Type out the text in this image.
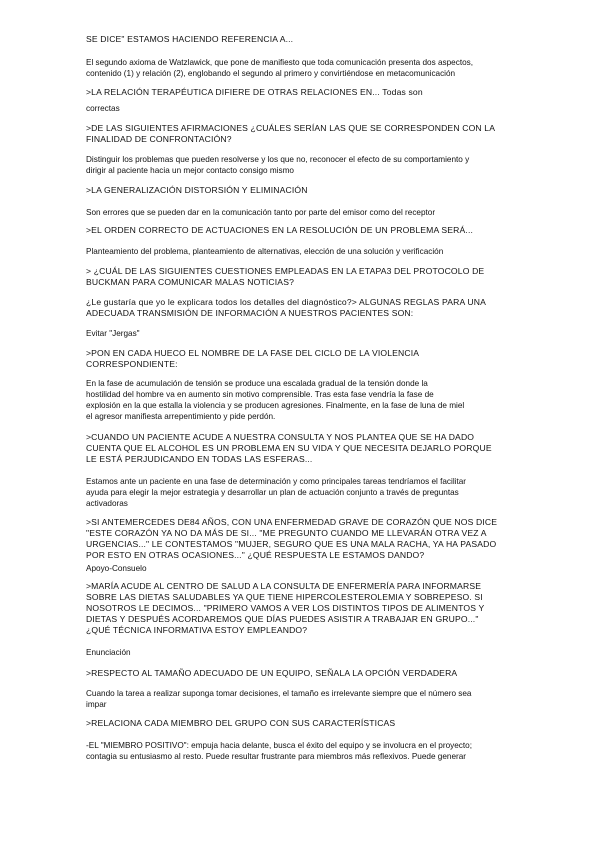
SE DICE" ESTAMOS HACIENDO REFERENCIA A...

El segundo axioma de Watzlawick, que pone de manifiesto que toda comunicación presenta dos aspectos,
contenido (1) y relación (2), englobando el segundo al primero y convirtiéndose en metacomunicación

>LA RELACIÓN TERAPÉUTICA DIFIERE DE OTRAS RELACIONES EN... Todas son

correctas

>DE LAS SIGUIENTES AFIRMACIONES ¿CUÁLES SERÍAN LAS QUE SE CORRESPONDEN CON LA
FINALIDAD DE CONFRONTACIÓN?

Distinguir los problemas que pueden resolverse y los que no, reconocer el efecto de su comportamiento y
dirigir al paciente hacia un mejor contacto consigo mismo

>LA GENERALIZACIÓN DISTORSIÓN Y ELIMINACIÓN

Son errores que se pueden dar en la comunicación tanto por parte del emisor como del receptor

>EL ORDEN CORRECTO DE ACTUACIONES EN LA RESOLUCIÓN DE UN PROBLEMA SERÁ...

Planteamiento del problema, planteamiento de alternativas, elección de una solución y verificación

> ¿CUÁL DE LAS SIGUIENTES CUESTIONES EMPLEADAS EN LA ETAPA3 DEL PROTOCOLO DE
BUCKMAN PARA COMUNICAR MALAS NOTICIAS?

¿Le gustaría que yo le explicara todos los detalles del diagnóstico?> ALGUNAS REGLAS PARA UNA
ADECUADA TRANSMISIÓN DE INFORMACIÓN A NUESTROS PACIENTES SON:

Evitar "Jergas"

>PON EN CADA HUECO EL NOMBRE DE LA FASE DEL CICLO DE LA VIOLENCIA
CORRESPONDIENTE:

En la fase de acumulación de tensión se produce una escalada gradual de la tensión donde la
hostilidad del hombre va en aumento sin motivo comprensible. Tras esta fase vendría la fase de
explosión en la que estalla la violencia y se producen agresiones. Finalmente, en la fase de luna de miel
el agresor manifiesta arrepentimiento y pide perdón.

>CUANDO UN PACIENTE ACUDE A NUESTRA CONSULTA Y NOS PLANTEA QUE SE HA DADO
CUENTA QUE EL ALCOHOL ES UN PROBLEMA EN SU VIDA Y QUE NECESITA DEJARLO PORQUE
LE ESTÁ PERJUDICANDO EN TODAS LAS ESFERAS...

Estamos ante un paciente en una fase de determinación y como principales tareas tendríamos el facilitar
ayuda para elegir la mejor estrategia y desarrollar un plan de actuación conjunto a través de preguntas
activadoras

>SI ANTEMERCEDES DE84 AÑOS, CON UNA ENFERMEDAD GRAVE DE CORAZÓN QUE NOS DICE
"ESTE CORAZÓN YA NO DA MÁS DE SI... "ME PREGUNTO CUANDO ME LLEVARÁN OTRA VEZ A
URGENCIAS..." LE CONTESTAMOS "MUJER, SEGURO QUE ES UNA MALA RACHA, YA HA PASADO
POR ESTO EN OTRAS OCASIONES..." ¿QUÉ RESPUESTA LE ESTAMOS DANDO?

Apoyo-Consuelo

>MARÍA ACUDE AL CENTRO DE SALUD A LA CONSULTA DE ENFERMERÍA PARA INFORMARSE
SOBRE LAS DIETAS SALUDABLES YA QUE TIENE HIPERCOLESTEROLEMIA Y SOBREPESO. SI
NOSOTROS LE DECIMOS... "PRIMERO VAMOS A VER LOS DISTINTOS TIPOS DE ALIMENTOS Y
DIETAS Y DESPUÉS ACORDAREMOS QUE DÍAS PUEDES ASISTIR A TRABAJAR EN GRUPO..."
¿QUÉ TÉCNICA INFORMATIVA ESTOY EMPLEANDO?

Enunciación

>RESPECTO AL TAMAÑO ADECUADO DE UN EQUIPO, SEÑALA LA OPCIÓN VERDADERA

Cuando la tarea a realizar suponga tomar decisiones, el tamaño es irrelevante siempre que el número sea
impar

>RELACIONA CADA MIEMBRO DEL GRUPO CON SUS CARACTERÍSTICAS

-EL "MIEMBRO POSITIVO": empuja hacia delante, busca el éxito del equipo y se involucra en el proyecto;
contagia su entusiasmo al resto. Puede resultar frustrante para miembros más reflexivos. Puede generar
